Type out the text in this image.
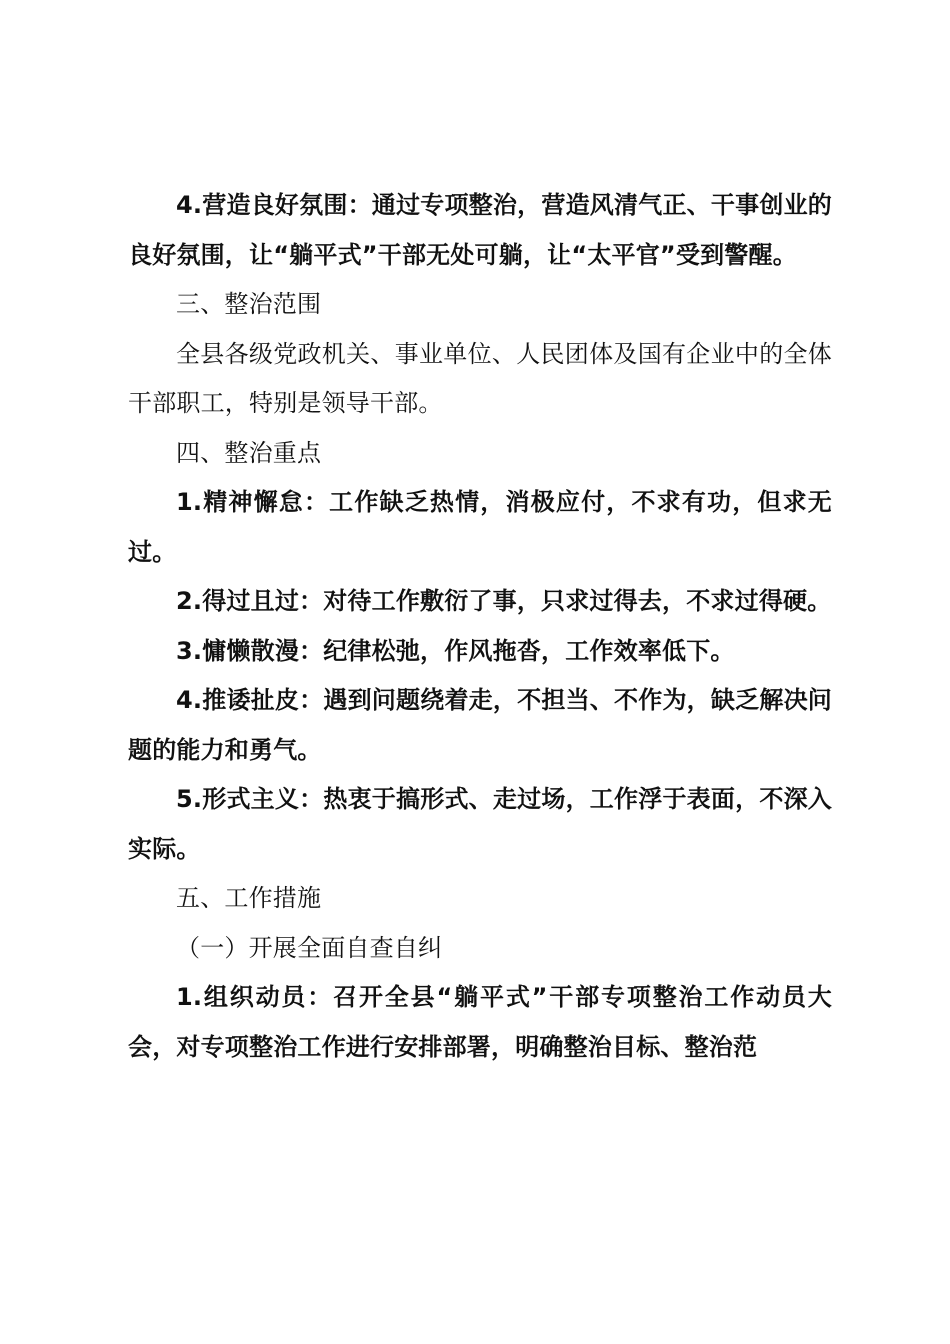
4.营造良好氛围：通过专项整治，营造风清气正、干事创业的良好氛围，让“躺平式”干部无处可躺，让“太平官”受到警醒。

三、整治范围

全县各级党政机关、事业单位、人民团体及国有企业中的全体干部职工，特别是领导干部。

四、整治重点

1.精神懈怠：工作缺乏热情，消极应付，不求有功，但求无过。

2.得过且过：对待工作敷衍了事，只求过得去，不求过得硬。

3.慵懒散漫：纪律松弛，作风拖沓，工作效率低下。

4.推诿扯皮：遇到问题绕着走，不担当、不作为，缺乏解决问题的能力和勇气。

5.形式主义：热衷于搞形式、走过场，工作浮于表面，不深入实际。

五、工作措施

（一）开展全面自查自纠

1.组织动员：召开全县“躺平式”干部专项整治工作动员大会，对专项整治工作进行安排部署，明确整治目标、整治范
